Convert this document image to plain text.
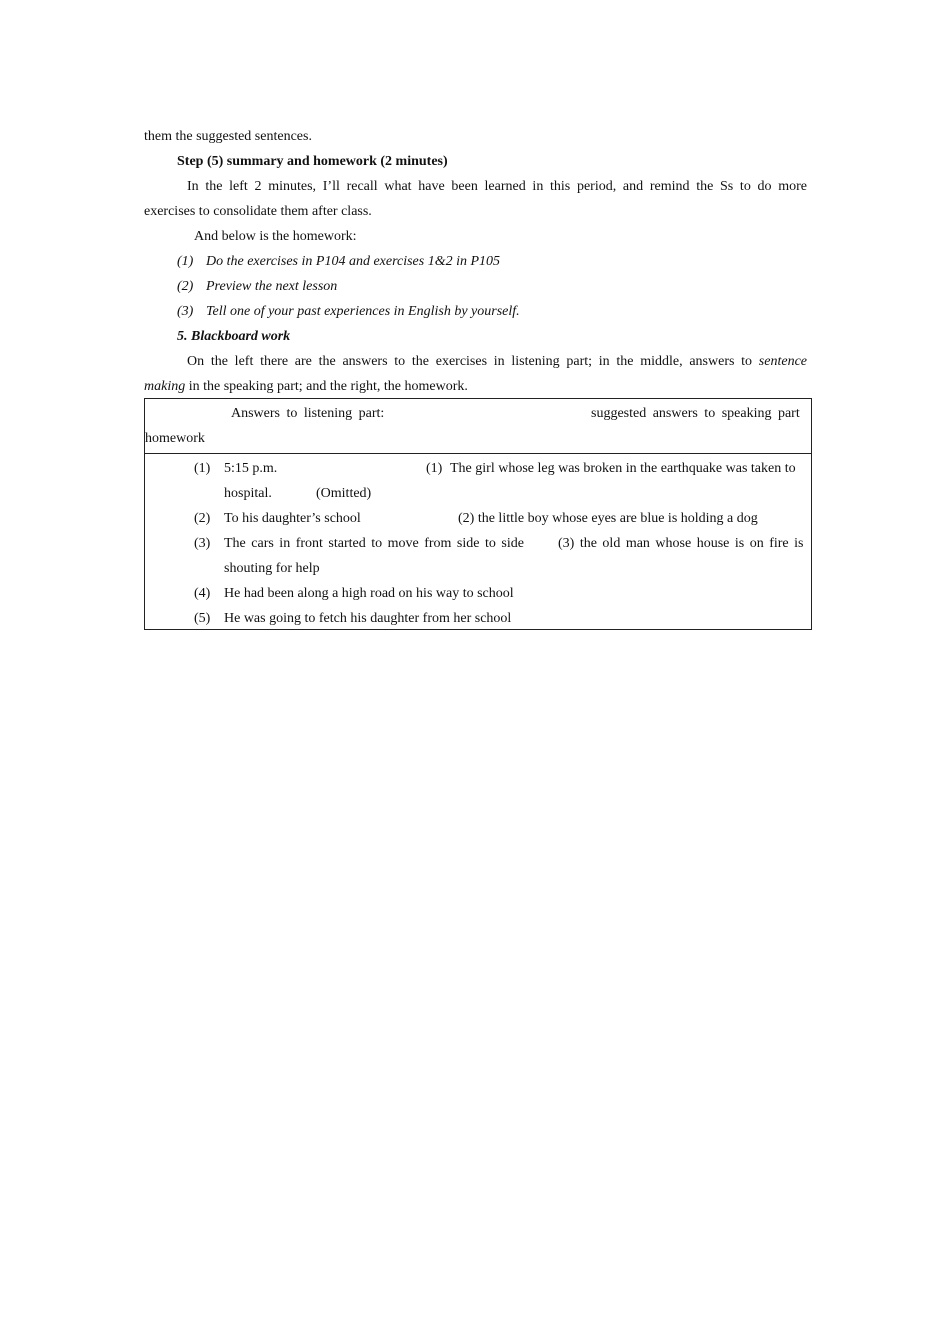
them the suggested sentences.
Step (5) summary and homework (2 minutes)
In the left 2 minutes, I’ll recall what have been learned in this period, and remind the Ss to do more
exercises to consolidate them after class.
And below is the homework:
(1) Do the exercises in P104 and exercises 1&2 in P105
(2) Preview the next lesson
(3) Tell one of your past experiences in English by yourself.
5. Blackboard work
On the left there are the answers to the exercises in listening part; in the middle, answers to sentence
making in the speaking part; and the right, the homework.
Answers to listening part:	suggested answers to speaking part
homework
(1) 5:15 p.m.
(2) To his daughter’s school
(3) The cars in front started to move from side to side
(4) He had been along a high road on his way to school
(5) He was going to fetch his daughter from her school
(1) The girl whose leg was broken in the earthquake was taken to
hospital.	(Omitted)
(2) the little boy whose eyes are blue is holding a dog
(3) the old man whose house is on fire is
shouting for help
